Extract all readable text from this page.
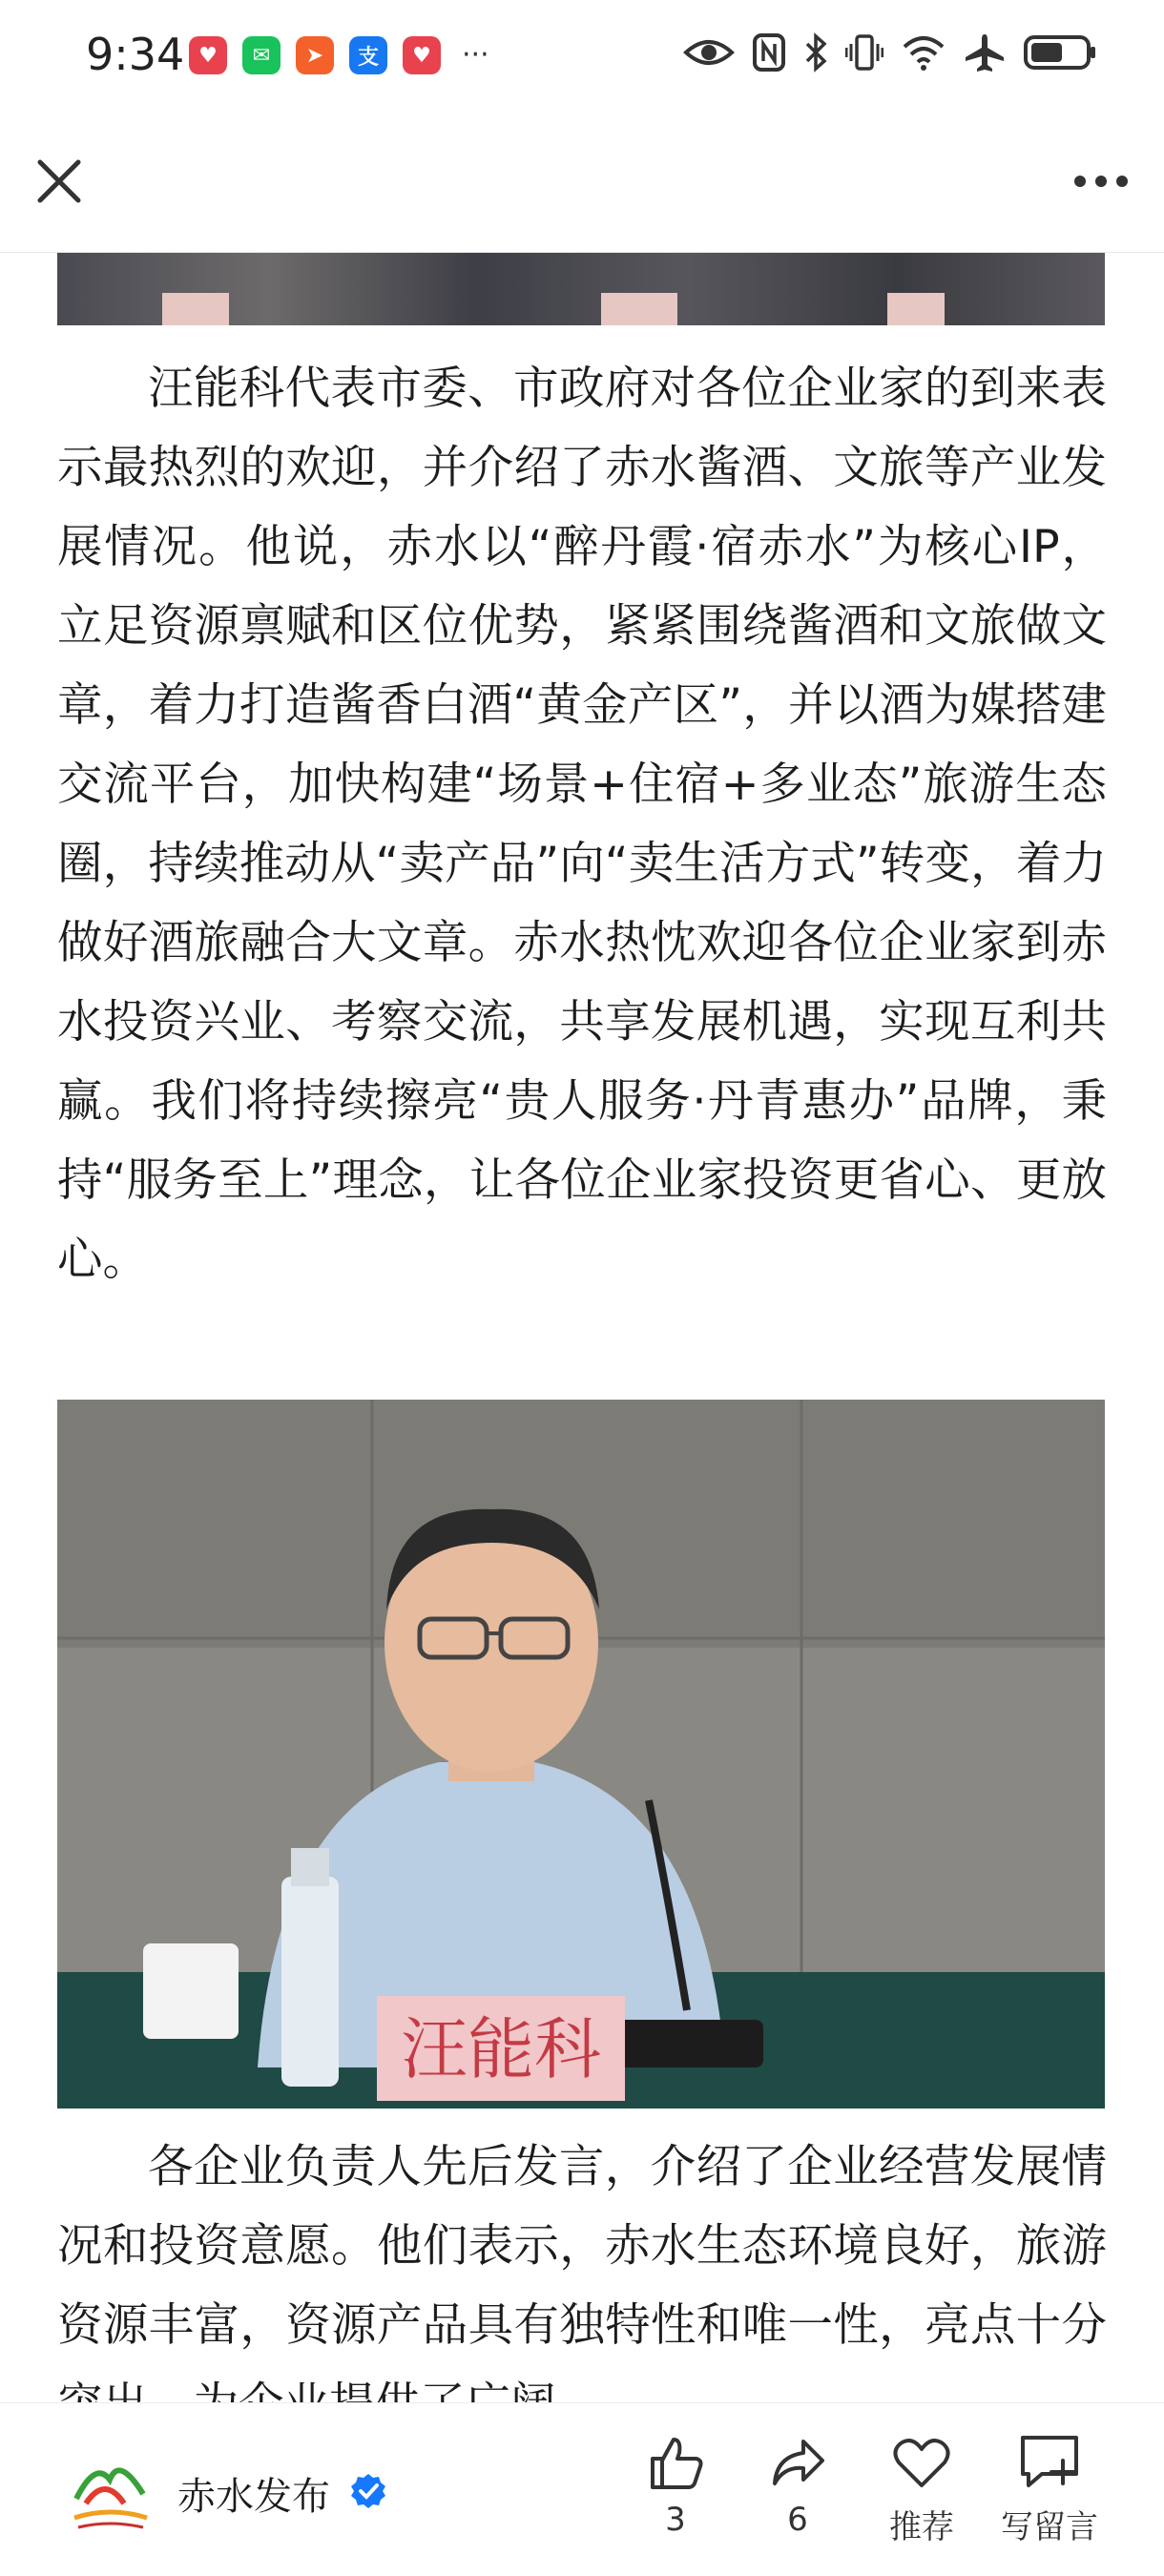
9:34 ♥	✉	➤	支	♥	···

汪能科代表市委、市政府对各位企业家的到来表示最热烈的欢迎，并介绍了赤水酱酒、文旅等产业发展情况。他说，赤水以“醉丹霞·宿赤水”为核心IP，立足资源禀赋和区位优势，紧紧围绕酱酒和文旅做文章，着力打造酱香白酒“黄金产区”，并以酒为媒搭建交流平台，加快构建“场景+住宿+多业态”旅游生态圈，持续推动从“卖产品”向“卖生活方式”转变，着力做好酒旅融合大文章。赤水热忱欢迎各位企业家到赤水投资兴业、考察交流，共享发展机遇，实现互利共赢。我们将持续擦亮“贵人服务·丹青惠办”品牌，秉持“服务至上”理念，让各位企业家投资更省心、更放心。

汪能科

各企业负责人先后发言，介绍了企业经营发展情况和投资意愿。他们表示，赤水生态环境良好，旅游资源丰富，资源产品具有独特性和唯一性，亮点十分

赤水发布
3	6	推荐	写留言
